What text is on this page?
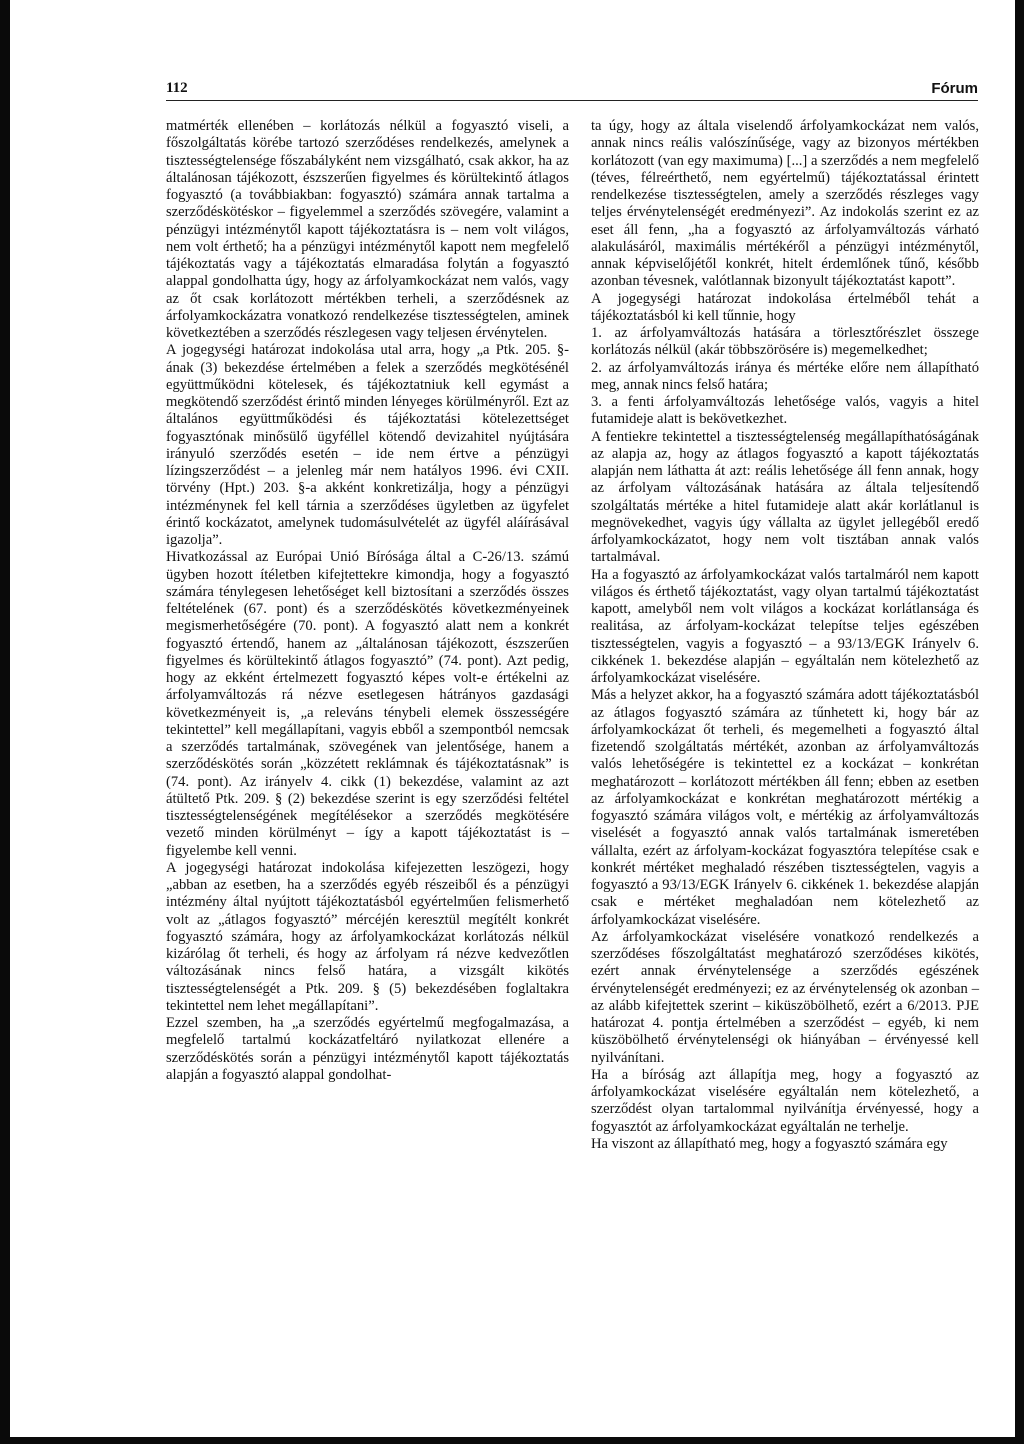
112	Fórum

matmérték ellenében – korlátozás nélkül a fogyasztó viseli, a főszolgáltatás körébe tartozó szerződéses rendelkezés, amelynek a tisztességtelensége főszabályként nem vizsgálható, csak akkor, ha az általánosan tájékozott, észszerűen figyelmes és körültekintő átlagos fogyasztó (a továbbiakban: fogyasztó) számára annak tartalma a szerződéskötéskor – figyelemmel a szerződés szövegére, valamint a pénzügyi intézménytől kapott tájékoztatásra is – nem volt világos, nem volt érthető; ha a pénzügyi intézménytől kapott nem megfelelő tájékoztatás vagy a tájékoztatás elmaradása folytán a fogyasztó alappal gondolhatta úgy, hogy az árfolyamkockázat nem valós, vagy az őt csak korlátozott mértékben terheli, a szerződésnek az árfolyamkockázatra vonatkozó rendelkezése tisztességtelen, aminek következtében a szerződés részlegesen vagy teljesen érvénytelen.

A jogegységi határozat indokolása utal arra, hogy „a Ptk. 205. §-ának (3) bekezdése értelmében a felek a szerződés megkötésénél együttműködni kötelesek, és tájékoztatniuk kell egymást a megkötendő szerződést érintő minden lényeges körülményről. Ezt az általános együttműködési és tájékoztatási kötelezettséget fogyasztónak minősülő ügyféllel kötendő devizahitel nyújtására irányuló szerződés esetén – ide nem értve a pénzügyi lízingszerződést – a jelenleg már nem hatályos 1996. évi CXII. törvény (Hpt.) 203. §-a akként konkretizálja, hogy a pénzügyi intézménynek fel kell tárnia a szerződéses ügyletben az ügyfelet érintő kockázatot, amelynek tudomásulvételét az ügyfél aláírásával igazolja”.

Hivatkozással az Európai Unió Bírósága által a C-26/13. számú ügyben hozott ítéletben kifejtettekre kimondja, hogy a fogyasztó számára ténylegesen lehetőséget kell biztosítani a szerződés összes feltételének (67. pont) és a szerződéskötés következményeinek megismerhetőségére (70. pont). A fogyasztó alatt nem a konkrét fogyasztó értendő, hanem az „általánosan tájékozott, észszerűen figyelmes és körültekintő átlagos fogyasztó” (74. pont). Azt pedig, hogy az ekként értelmezett fogyasztó képes volt-e értékelni az árfolyamváltozás rá nézve esetlegesen hátrányos gazdasági következményeit is, „a releváns ténybeli elemek összességére tekintettel” kell megállapítani, vagyis ebből a szempontból nemcsak a szerződés tartalmának, szövegének van jelentősége, hanem a szerződéskötés során „közzétett reklámnak és tájékoztatásnak” is (74. pont). Az irányelv 4. cikk (1) bekezdése, valamint az azt átültető Ptk. 209. § (2) bekezdése szerint is egy szerződési feltétel tisztességtelenségének megítélésekor a szerződés megkötésére vezető minden körülményt – így a kapott tájékoztatást is – figyelembe kell venni.

A jogegységi határozat indokolása kifejezetten leszögezi, hogy „abban az esetben, ha a szerződés egyéb részeiből és a pénzügyi intézmény által nyújtott tájékoztatásból egyértelműen felismerhető volt az „átlagos fogyasztó” mércéjén keresztül megítélt konkrét fogyasztó számára, hogy az árfolyamkockázat korlátozás nélkül kizárólag őt terheli, és hogy az árfolyam rá nézve kedvezőtlen változásának nincs felső határa, a vizsgált kikötés tisztességtelenségét a Ptk. 209. § (5) bekezdésében foglaltakra tekintettel nem lehet megállapítani”.

Ezzel szemben, ha „a szerződés egyértelmű megfogalmazása, a megfelelő tartalmú kockázatfeltáró nyilatkozat ellenére a szerződéskötés során a pénzügyi intézménytől kapott tájékoztatás alapján a fogyasztó alappal gondolhat-

ta úgy, hogy az általa viselendő árfolyamkockázat nem valós, annak nincs reális valószínűsége, vagy az bizonyos mértékben korlátozott (van egy maximuma) [...] a szerződés a nem megfelelő (téves, félreérthető, nem egyértelmű) tájékoztatással érintett rendelkezése tisztességtelen, amely a szerződés részleges vagy teljes érvénytelenségét eredményezi”. Az indokolás szerint ez az eset áll fenn, „ha a fogyasztó az árfolyamváltozás várható alakulásáról, maximális mértékéről a pénzügyi intézménytől, annak képviselőjétől konkrét, hitelt érdemlőnek tűnő, később azonban tévesnek, valótlannak bizonyult tájékoztatást kapott”.

A jogegységi határozat indokolása értelméből tehát a tájékoztatásból ki kell tűnnie, hogy

1. az árfolyamváltozás hatására a törlesztőrészlet összege korlátozás nélkül (akár többszörösére is) megemelkedhet;

2. az árfolyamváltozás iránya és mértéke előre nem állapítható meg, annak nincs felső határa;

3. a fenti árfolyamváltozás lehetősége valós, vagyis a hitel futamideje alatt is bekövetkezhet.

A fentiekre tekintettel a tisztességtelenség megállapíthatóságának az alapja az, hogy az átlagos fogyasztó a kapott tájékoztatás alapján nem láthatta át azt: reális lehetősége áll fenn annak, hogy az árfolyam változásának hatására az általa teljesítendő szolgáltatás mértéke a hitel futamideje alatt akár korlátlanul is megnövekedhet, vagyis úgy vállalta az ügylet jellegéből eredő árfolyamkockázatot, hogy nem volt tisztában annak valós tartalmával.

Ha a fogyasztó az árfolyamkockázat valós tartalmáról nem kapott világos és érthető tájékoztatást, vagy olyan tartalmú tájékoztatást kapott, amelyből nem volt világos a kockázat korlátlansága és realitása, az árfolyam-kockázat telepítse teljes egészében tisztességtelen, vagyis a fogyasztó – a 93/13/EGK Irányelv 6. cikkének 1. bekezdése alapján – egyáltalán nem kötelezhető az árfolyamkockázat viselésére.

Más a helyzet akkor, ha a fogyasztó számára adott tájékoztatásból az átlagos fogyasztó számára az tűnhetett ki, hogy bár az árfolyamkockázat őt terheli, és megemelheti a fogyasztó által fizetendő szolgáltatás mértékét, azonban az árfolyamváltozás valós lehetőségére is tekintettel ez a kockázat – konkrétan meghatározott – korlátozott mértékben áll fenn; ebben az esetben az árfolyamkockázat e konkrétan meghatározott mértékig a fogyasztó számára világos volt, e mértékig az árfolyamváltozás viselését a fogyasztó annak valós tartalmának ismeretében vállalta, ezért az árfolyam-kockázat fogyasztóra telepítése csak e konkrét mértéket meghaladó részében tisztességtelen, vagyis a fogyasztó a 93/13/EGK Irányelv 6. cikkének 1. bekezdése alapján csak e mértéket meghaladóan nem kötelezhető az árfolyamkockázat viselésére.

Az árfolyamkockázat viselésére vonatkozó rendelkezés a szerződéses főszolgáltatást meghatározó szerződéses kikötés, ezért annak érvénytelensége a szerződés egészének érvénytelenségét eredményezi; ez az érvénytelenség ok azonban – az alább kifejtettek szerint – kiküszöbölhető, ezért a 6/2013. PJE határozat 4. pontja értelmében a szerződést – egyéb, ki nem küszöbölhető érvénytelenségi ok hiányában – érvényessé kell nyilvánítani.

Ha a bíróság azt állapítja meg, hogy a fogyasztó az árfolyamkockázat viselésére egyáltalán nem kötelezhető, a szerződést olyan tartalommal nyilvánítja érvényessé, hogy a fogyasztót az árfolyamkockázat egyáltalán ne terhelje.

Ha viszont az állapítható meg, hogy a fogyasztó számára egy
